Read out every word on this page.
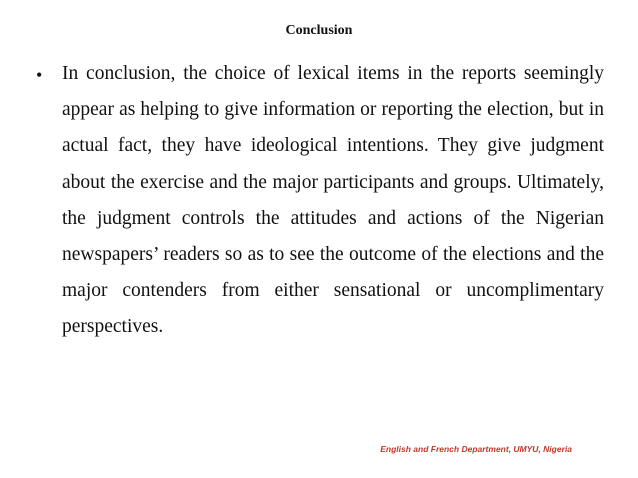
Conclusion
• In conclusion, the choice of lexical items in the reports seemingly appear as helping to give information or reporting the election, but in actual fact, they have ideological intentions. They give judgment about the exercise and the major participants and groups. Ultimately, the judgment controls the attitudes and actions of the Nigerian newspapers’ readers so as to see the outcome of the elections and the major contenders from either sensational or uncomplimentary perspectives.
English and French Department, UMYU, Nigeria
